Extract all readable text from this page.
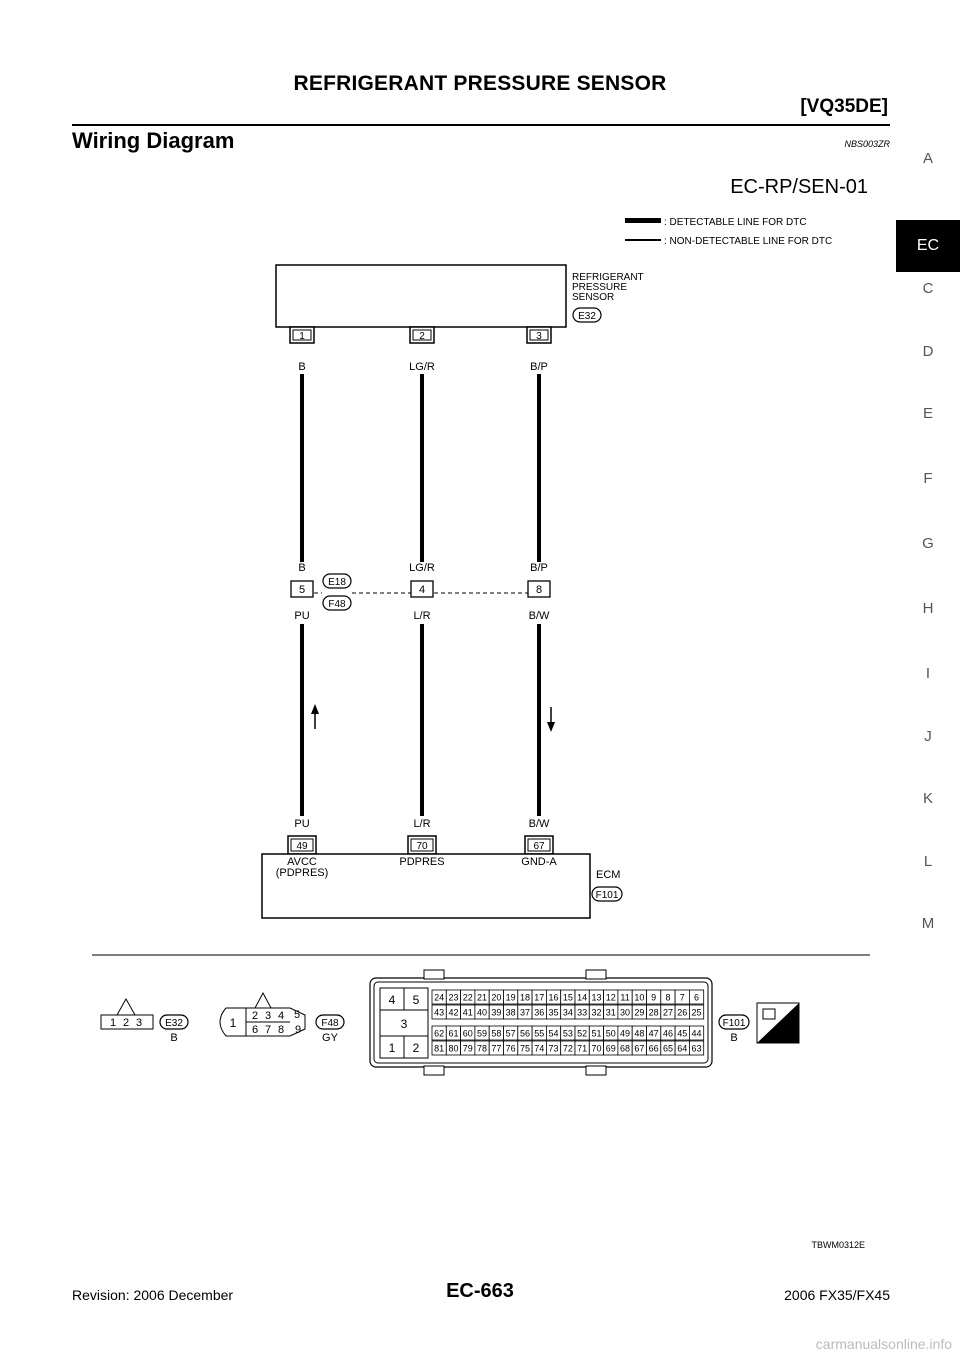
REFRIGERANT PRESSURE SENSOR
[VQ35DE]
Wiring Diagram	NBS003ZR
A
EC
C
D
E
F
G
H
I
J
K
L
M
EC-RP/SEN-01
: DETECTABLE LINE FOR DTC
: NON-DETECTABLE LINE FOR DTC
REFRIGERANT
PRESSURE
SENSOR
E32
1
B
2
LG/R
3
B/P
B
5
PU
LG/R
4
L/R
B/P
8
B/W
E18
F48
PU
49
L/R
70
B/W
67
AVCC
(PDPRES)
PDPRES	GND-A
ECM
F101
1 2 3 E32
B
1 2 3 4
6 7 8
5
9
F48
GY
4 5
3
1 2
24 23 22 21 20 19 18 17 16 15 14 13 12 11 10 9 8 7 6
43 42 41 40 39 38 37 36 35 34 33 32 31 30 29 28 27 26 25
62 61 60 59 58 57 56 55 54 53 52 51 50 49 48 47 46 45 44
81 80 79 78 77 76 75 74 73 72 71 70 69 68 67 66 65 64 63
F101
B	H.S.
TBWM0312E
Revision: 2006 December	EC-663	2006 FX35/FX45
carmanualsonline.info
